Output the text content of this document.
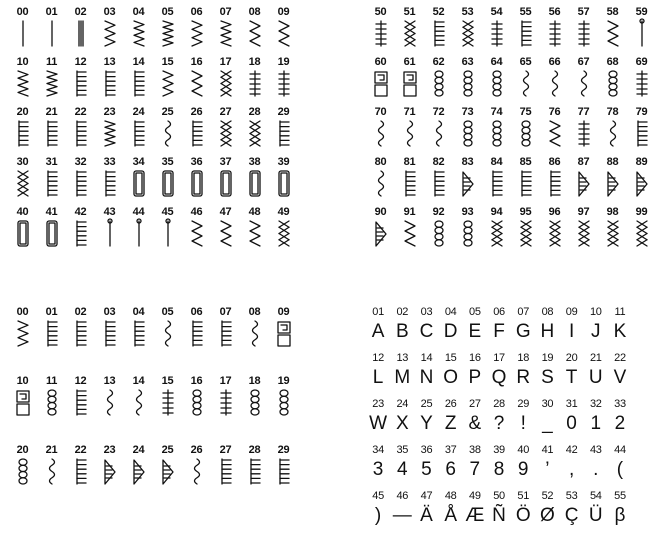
00 01 02 03 04 05 06 07 08 09
10 11 12 13 14 15 16 17 18 19
20 21 22 23 24 25 26 27 28 29
30 31 32 33 34 35 36 37 38 39
40 41 42 43 44 45 46 47 48 49
50 51 52 53 54 55 56 57 58 59
60 61 62 63 64 65 66 67 68 69
70 71 72 73 74 75 76 77 78 79
80 81 82 83 84 85 86 87 88 89
90 91 92 93 94 95 96 97 98 99
00 01 02 03 04 05 06 07 08 09
10 11 12 13 14 15 16 17 18 19
20 21 22 23 24 25 26 27 28 29
01
A
02
B
03
C
04
D
05
E
06
F
07
G
08
H
09
I
10
J
11
K
12
L
13
M
14
N
15
O
16
P
17
Q
18
R
19
S
20
T
21
U
22
V
23
W
24
X
25
Y
26
Z
27
&
28
?
29
!
30
_
31
0
32
1
33
2
34
3
35
4
36
5
37
6
38
7
39
8
40
9
41
’
42
,
43
.
44
(
45
)
46
—
47
Ä
48
Å
49
Æ
50
Ñ
51
Ö
52
Ø
53
Ç
54
Ü
55
β
